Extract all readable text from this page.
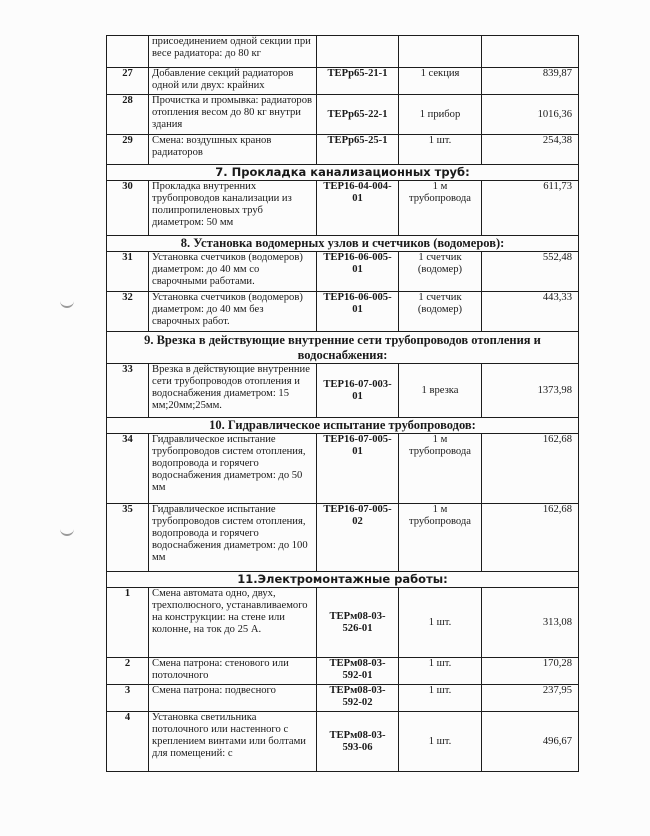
	присоединением одной секции при весе радиатора: до 80 кг			
27	Добавление секций радиаторов одной или двух: крайних	ТЕРр65-21-1	1 секция	839,87
28	Прочистка и промывка: радиаторов отопления весом до 80 кг внутри здания	ТЕРр65-22-1	1 прибор	1016,36
29	Смена: воздушных кранов радиаторов	ТЕРр65-25-1	1 шт.	254,38
7. Прокладка канализационных труб:				
30	Прокладка внутренних трубопроводов канализации из полипропиленовых труб диаметром: 50 мм	ТЕР16-04-004-01	1 м трубопровода	611,73
8. Установка водомерных узлов и счетчиков (водомеров):				
31	Установка счетчиков (водомеров) диаметром: до 40 мм со сварочными работами.	ТЕР16-06-005-01	1 счетчик (водомер)	552,48
32	Установка счетчиков (водомеров) диаметром: до 40 мм без сварочных работ.	ТЕР16-06-005-01	1 счетчик (водомер)	443,33
9. Врезка в действующие внутренние сети трубопроводов отопления и водоснабжения:				
33	Врезка в действующие внутренние сети трубопроводов отопления и водоснабжения диаметром: 15 мм;20мм;25мм.	ТЕР16-07-003-01	1 врезка	1373,98
10. Гидравлическое испытание трубопроводов:				
34	Гидравлическое испытание трубопроводов систем отопления, водопровода и горячего водоснабжения диаметром: до 50 мм	ТЕР16-07-005-01	1 м трубопровода	162,68
35	Гидравлическое испытание трубопроводов систем отопления, водопровода и горячего водоснабжения диаметром: до 100 мм	ТЕР16-07-005-02	1 м трубопровода	162,68
11.Электромонтажные работы:				
1	Смена автомата одно, двух, трехполюсного, устанавливаемого на конструкции: на стене или колонне, на ток до 25 А.	ТЕРм08-03-526-01	1 шт.	313,08
2	Смена патрона: стенового или потолочного	ТЕРм08-03-592-01	1 шт.	170,28
3	Смена патрона: подвесного	ТЕРм08-03-592-02	1 шт.	237,95
4	Установка светильника потолочного или настенного с креплением винтами или болтами для помещений: с	ТЕРм08-03-593-06	1 шт.	496,67
